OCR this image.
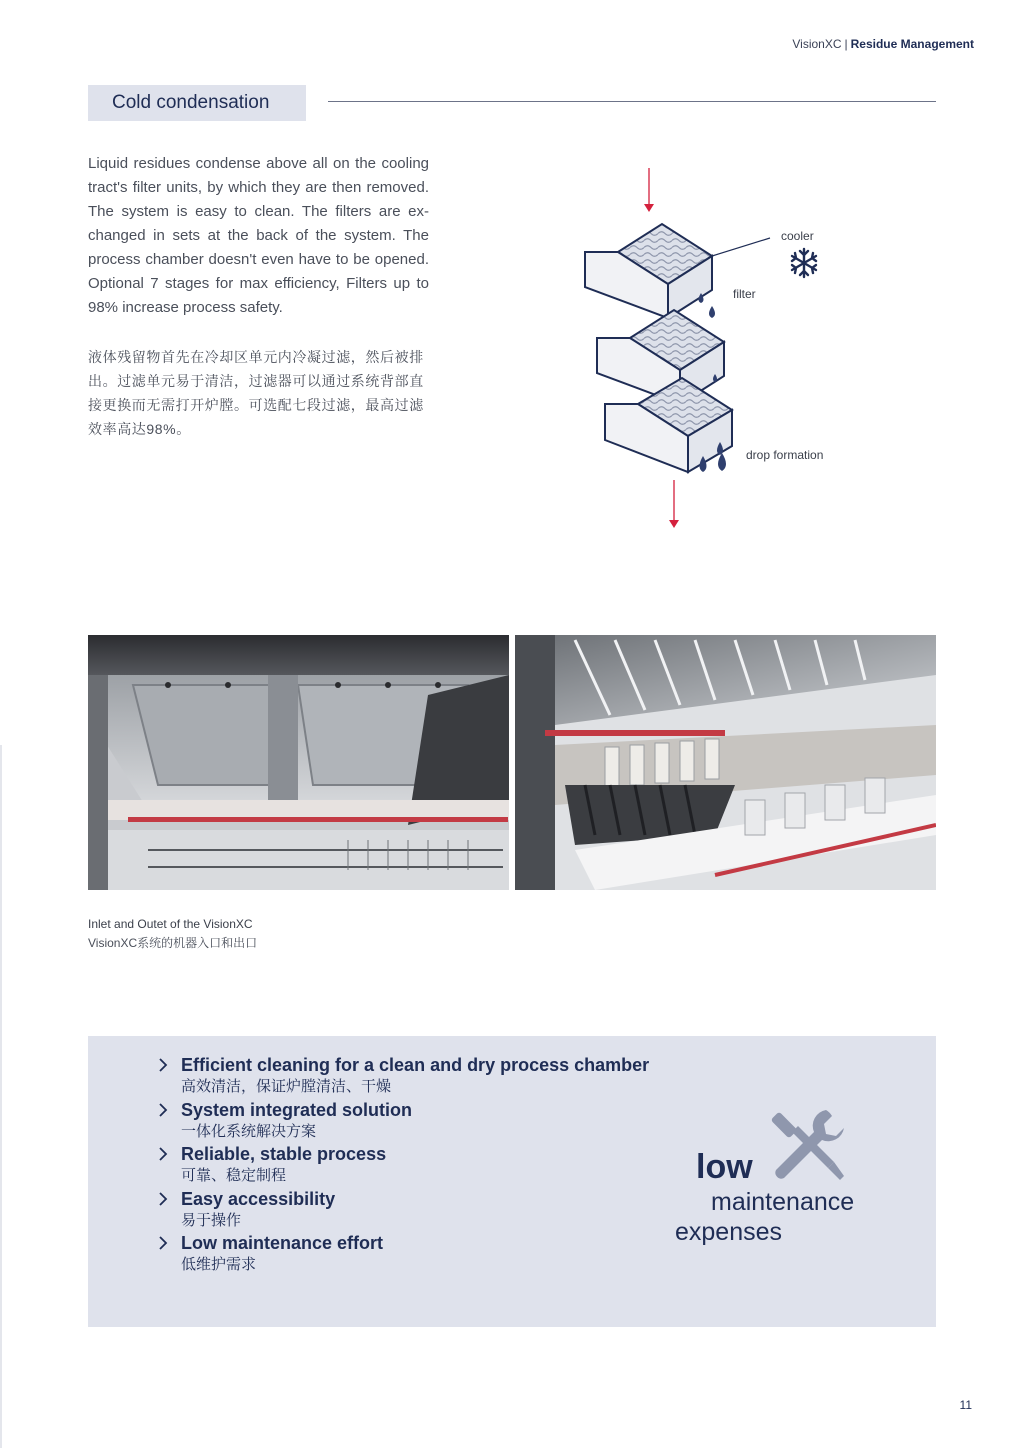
VisionXC | Residue Management
Cold condensation
Liquid residues condense above all on the cooling tract's filter units, by which they are then removed. The system is easy to clean. The filters are ex-changed in sets at the back of the system. The process chamber doesn't even have to be opened. Optional 7 stages for max efficiency, Filters up to 98% increase process safety.
液体残留物首先在冷却区单元内冷凝过滤，然后被排出。过滤单元易于清洁，过滤器可以通过系统背部直接更换而无需打开炉膛。可选配七段过滤，最高过滤效率高达98%。
cooler
filter
drop formation
Inlet and Outet of the VisionXC
VisionXC系统的机器入口和出口
Efficient cleaning for a clean and dry process chamber
高效清洁，保证炉膛清洁、干燥
System integrated solution
一体化系统解决方案
Reliable, stable process
可靠、稳定制程
Easy accessibility
易于操作
Low maintenance effort
低维护需求
low
maintenance
expenses
11
